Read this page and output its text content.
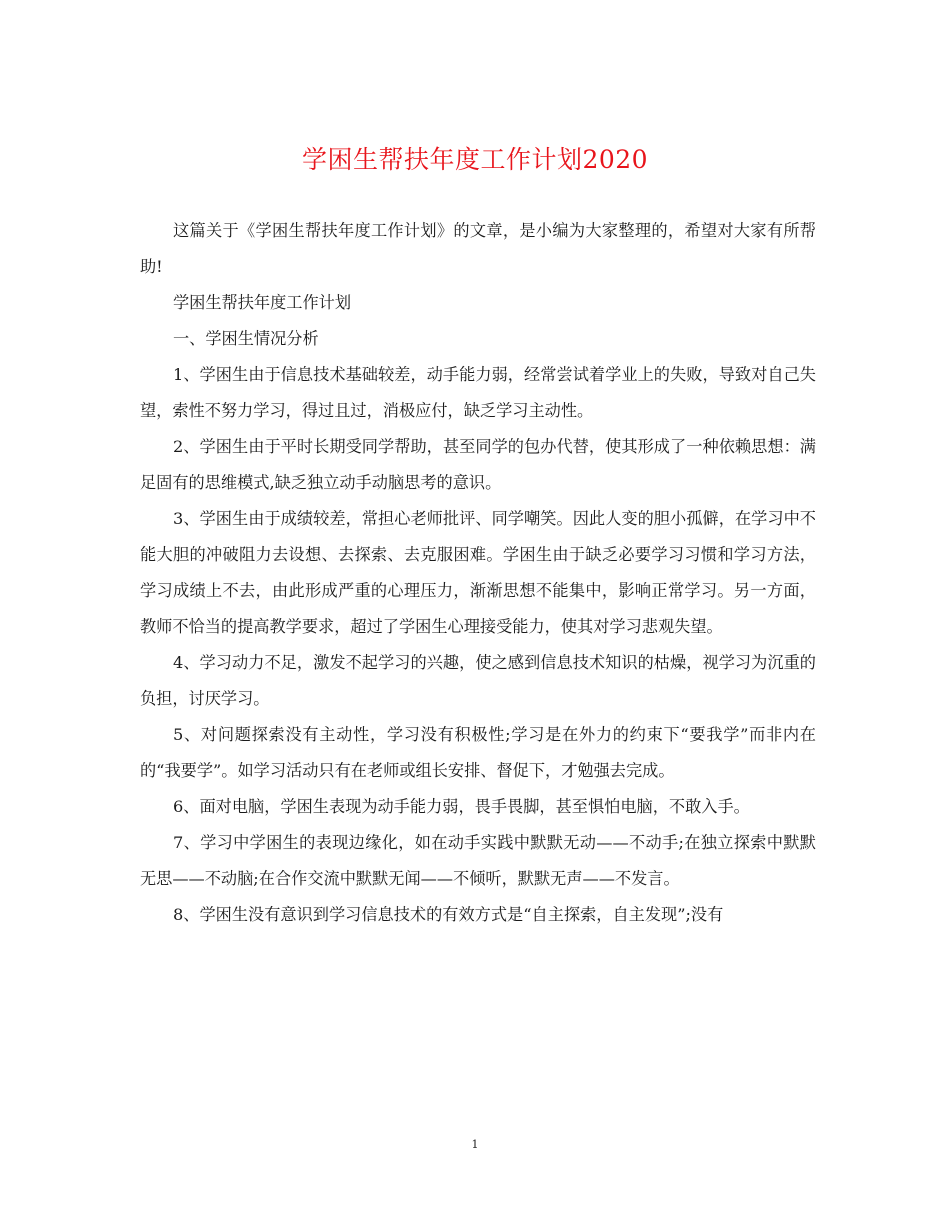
学困生帮扶年度工作计划2020

这篇关于《学困生帮扶年度工作计划》的文章，是小编为大家整理的，希望对大家有所帮助!

学困生帮扶年度工作计划

一、学困生情况分析

1、学困生由于信息技术基础较差，动手能力弱，经常尝试着学业上的失败，导致对自己失望，索性不努力学习，得过且过，消极应付，缺乏学习主动性。

2、学困生由于平时长期受同学帮助，甚至同学的包办代替，使其形成了一种依赖思想：满足固有的思维模式,缺乏独立动手动脑思考的意识。

3、学困生由于成绩较差，常担心老师批评、同学嘲笑。因此人变的胆小孤僻，在学习中不能大胆的冲破阻力去设想、去探索、去克服困难。学困生由于缺乏必要学习习惯和学习方法，学习成绩上不去，由此形成严重的心理压力，渐渐思想不能集中，影响正常学习。另一方面，教师不恰当的提高教学要求，超过了学困生心理接受能力，使其对学习悲观失望。

4、学习动力不足，激发不起学习的兴趣，使之感到信息技术知识的枯燥，视学习为沉重的负担，讨厌学习。

5、对问题探索没有主动性，学习没有积极性;学习是在外力的约束下“要我学”而非内在的“我要学”。如学习活动只有在老师或组长安排、督促下，才勉强去完成。

6、面对电脑，学困生表现为动手能力弱，畏手畏脚，甚至惧怕电脑，不敢入手。

7、学习中学困生的表现边缘化，如在动手实践中默默无动——不动手;在独立探索中默默无思——不动脑;在合作交流中默默无闻——不倾听，默默无声——不发言。

8、学困生没有意识到学习信息技术的有效方式是“自主探索，自主发现”;没有

1
